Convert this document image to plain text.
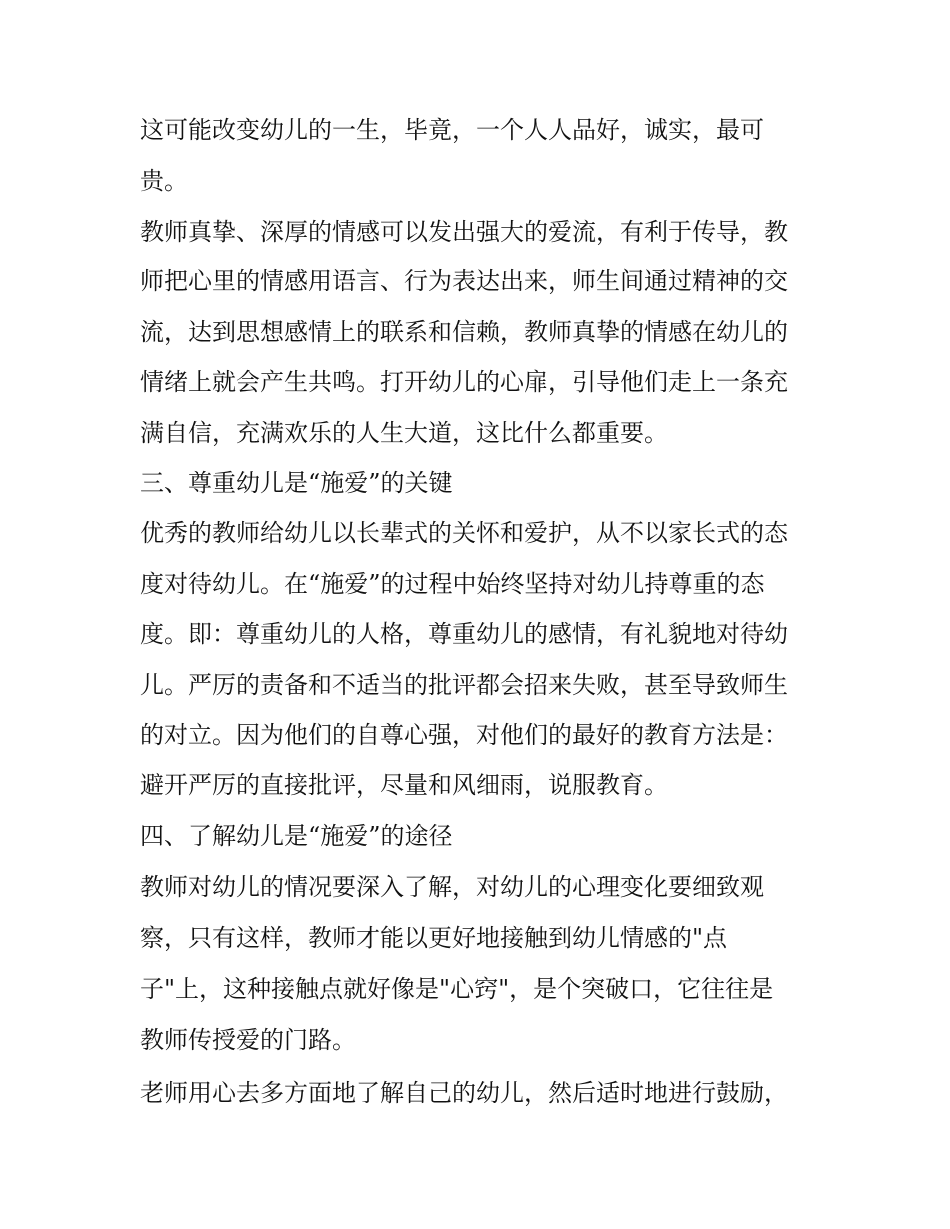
这可能改变幼儿的一生，毕竟，一个人人品好，诚实，最可
贵。
教师真挚、深厚的情感可以发出强大的爱流，有利于传导，教
师把心里的情感用语言、行为表达出来，师生间通过精神的交
流，达到思想感情上的联系和信赖，教师真挚的情感在幼儿的
情绪上就会产生共鸣。打开幼儿的心扉，引导他们走上一条充
满自信，充满欢乐的人生大道，这比什么都重要。
三、尊重幼儿是“施爱”的关键
优秀的教师给幼儿以长辈式的关怀和爱护，从不以家长式的态
度对待幼儿。在“施爱”的过程中始终坚持对幼儿持尊重的态
度。即：尊重幼儿的人格，尊重幼儿的感情，有礼貌地对待幼
儿。严厉的责备和不适当的批评都会招来失败，甚至导致师生
的对立。因为他们的自尊心强，对他们的最好的教育方法是：
避开严厉的直接批评，尽量和风细雨，说服教育。
四、了解幼儿是“施爱”的途径
教师对幼儿的情况要深入了解，对幼儿的心理变化要细致观
察，只有这样，教师才能以更好地接触到幼儿情感的"点
子"上，这种接触点就好像是"心窍"，是个突破口，它往往是
教师传授爱的门路。
老师用心去多方面地了解自己的幼儿，然后适时地进行鼓励，
